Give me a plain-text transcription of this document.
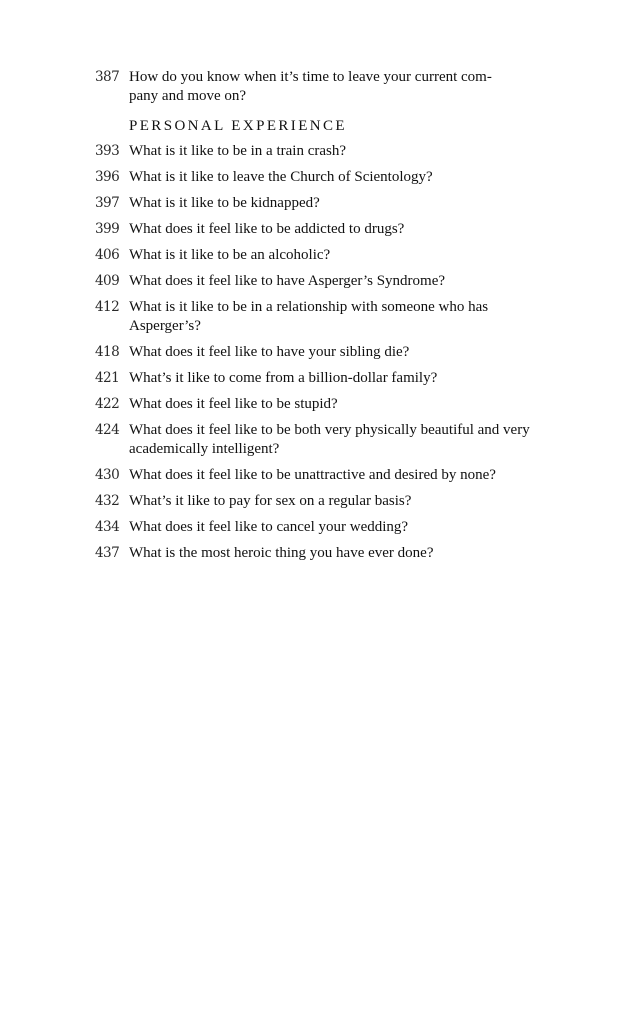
387 How do you know when it’s time to leave your current com-
pany and move on?
PERSONAL EXPERIENCE
393 What is it like to be in a train crash?
396 What is it like to leave the Church of Scientology?
397 What is it like to be kidnapped?
399 What does it feel like to be addicted to drugs?
406 What is it like to be an alcoholic?
409 What does it feel like to have Asperger’s Syndrome?
412 What is it like to be in a relationship with someone who has Asperger’s?
418 What does it feel like to have your sibling die?
421 What’s it like to come from a billion-dollar family?
422 What does it feel like to be stupid?
424 What does it feel like to be both very physically beautiful and very academically intelligent?
430 What does it feel like to be unattractive and desired by none?
432 What’s it like to pay for sex on a regular basis?
434 What does it feel like to cancel your wedding?
437 What is the most heroic thing you have ever done?
